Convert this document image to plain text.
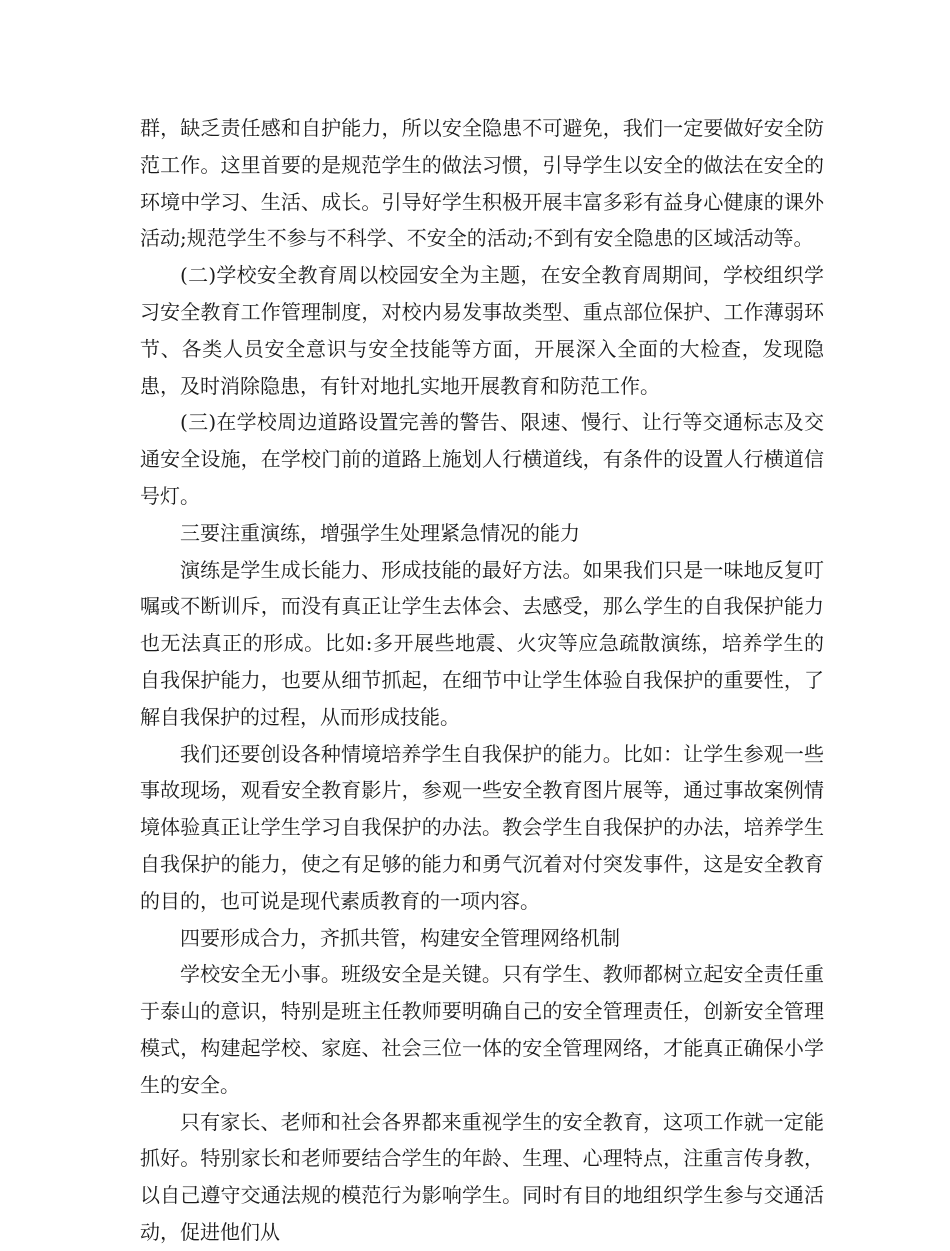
群，缺乏责任感和自护能力，所以安全隐患不可避免，我们一定要做好安全防范工作。这里首要的是规范学生的做法习惯，引导学生以安全的做法在安全的环境中学习、生活、成长。引导好学生积极开展丰富多彩有益身心健康的课外活动;规范学生不参与不科学、不安全的活动;不到有安全隐患的区域活动等。

(二)学校安全教育周以校园安全为主题，在安全教育周期间，学校组织学习安全教育工作管理制度，对校内易发事故类型、重点部位保护、工作薄弱环节、各类人员安全意识与安全技能等方面，开展深入全面的大检查，发现隐患，及时消除隐患，有针对地扎实地开展教育和防范工作。

(三)在学校周边道路设置完善的警告、限速、慢行、让行等交通标志及交通安全设施，在学校门前的道路上施划人行横道线，有条件的设置人行横道信号灯。

三要注重演练，增强学生处理紧急情况的能力

演练是学生成长能力、形成技能的最好方法。如果我们只是一味地反复叮嘱或不断训斥，而没有真正让学生去体会、去感受，那么学生的自我保护能力也无法真正的形成。比如:多开展些地震、火灾等应急疏散演练，培养学生的自我保护能力，也要从细节抓起，在细节中让学生体验自我保护的重要性，了解自我保护的过程，从而形成技能。

我们还要创设各种情境培养学生自我保护的能力。比如：让学生参观一些事故现场，观看安全教育影片，参观一些安全教育图片展等，通过事故案例情境体验真正让学生学习自我保护的办法。教会学生自我保护的办法，培养学生自我保护的能力，使之有足够的能力和勇气沉着对付突发事件，这是安全教育的目的，也可说是现代素质教育的一项内容。

四要形成合力，齐抓共管，构建安全管理网络机制

学校安全无小事。班级安全是关键。只有学生、教师都树立起安全责任重于泰山的意识，特别是班主任教师要明确自己的安全管理责任，创新安全管理模式，构建起学校、家庭、社会三位一体的安全管理网络，才能真正确保小学生的安全。

只有家长、老师和社会各界都来重视学生的安全教育，这项工作就一定能抓好。特别家长和老师要结合学生的年龄、生理、心理特点，注重言传身教，以自己遵守交通法规的模范行为影响学生。同时有目的地组织学生参与交通活动，促进他们从
